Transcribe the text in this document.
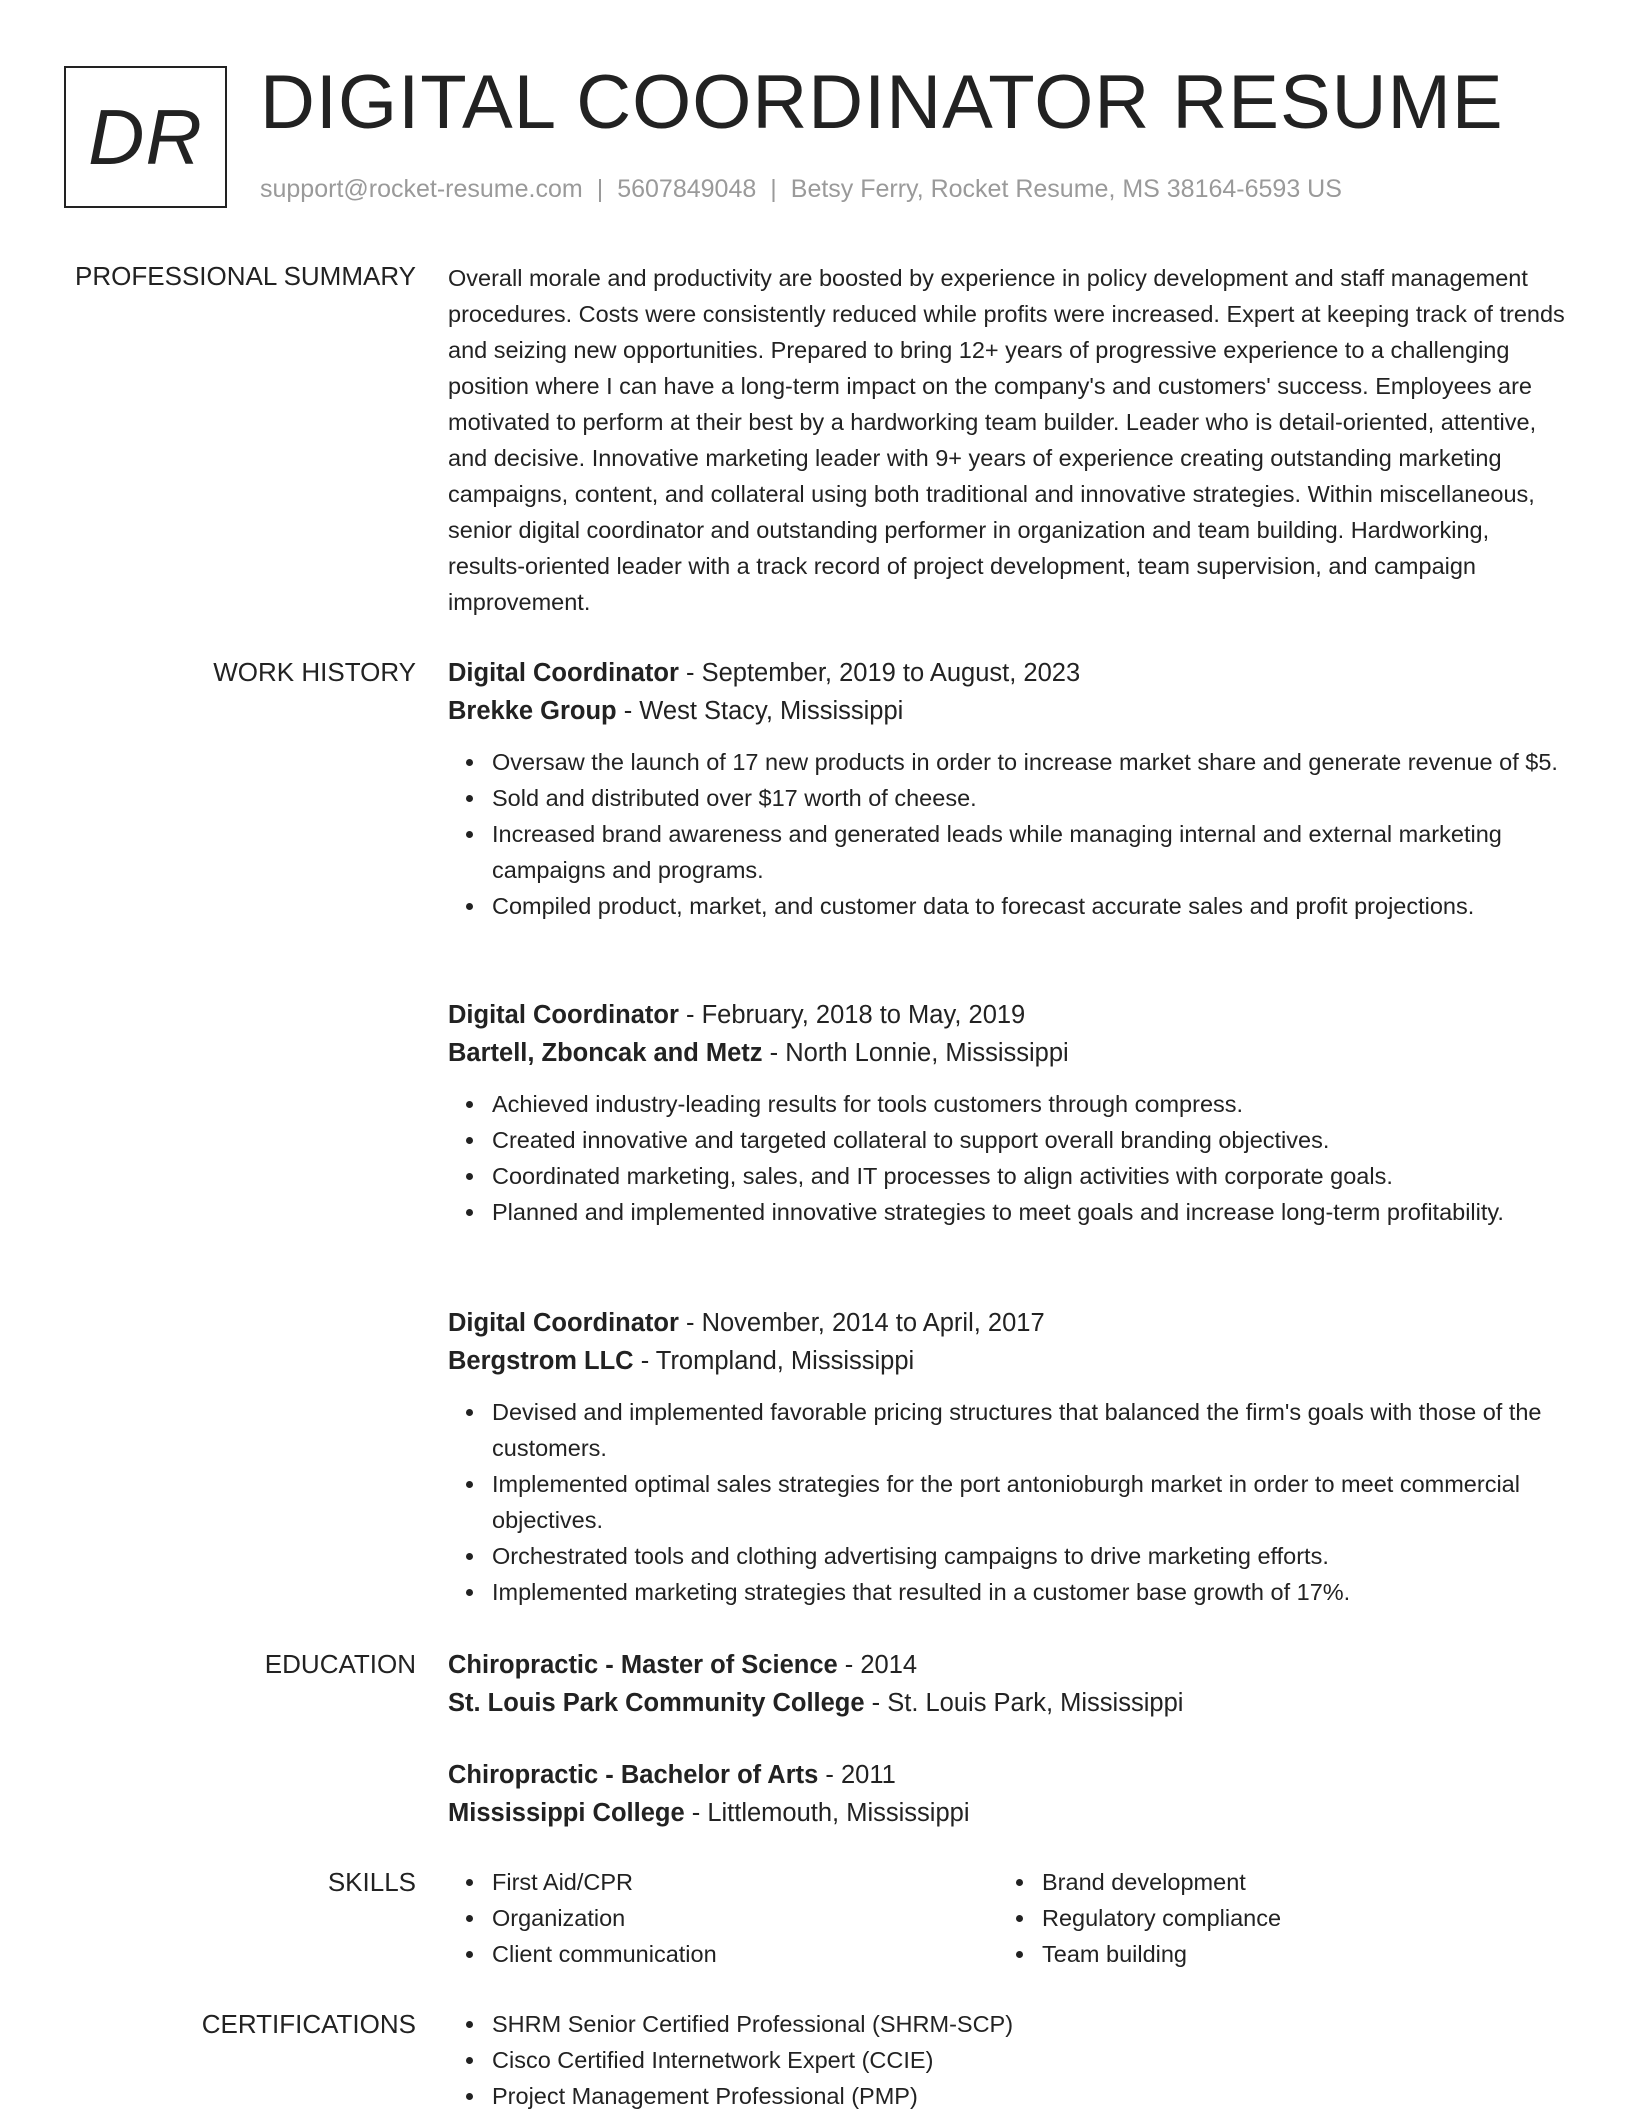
DR DIGITAL COORDINATOR RESUME
support@rocket-resume.com | 5607849048 | Betsy Ferry, Rocket Resume, MS 38164-6593 US
PROFESSIONAL SUMMARY Overall morale and productivity are boosted by experience in policy development and staff management procedures. Costs were consistently reduced while profits were increased. Expert at keeping track of trends and seizing new opportunities. Prepared to bring 12+ years of progressive experience to a challenging position where I can have a long-term impact on the company's and customers' success. Employees are motivated to perform at their best by a hardworking team builder. Leader who is detail-oriented, attentive, and decisive. Innovative marketing leader with 9+ years of experience creating outstanding marketing campaigns, content, and collateral using both traditional and innovative strategies. Within miscellaneous, senior digital coordinator and outstanding performer in organization and team building. Hardworking, results-oriented leader with a track record of project development, team supervision, and campaign improvement.

WORK HISTORY Digital Coordinator - September, 2019 to August, 2023

Brekke Group - West Stacy, Mississippi

Oversaw the launch of 17 new products in order to increase market share and generate revenue of $5.
Sold and distributed over $17 worth of cheese.
Increased brand awareness and generated leads while managing internal and external marketing campaigns and programs.
Compiled product, market, and customer data to forecast accurate sales and profit projections.

Digital Coordinator - February, 2018 to May, 2019

Bartell, Zboncak and Metz - North Lonnie, Mississippi

Achieved industry-leading results for tools customers through compress.
Created innovative and targeted collateral to support overall branding objectives.
Coordinated marketing, sales, and IT processes to align activities with corporate goals.
Planned and implemented innovative strategies to meet goals and increase long-term profitability.

Digital Coordinator - November, 2014 to April, 2017

Bergstrom LLC - Trompland, Mississippi

Devised and implemented favorable pricing structures that balanced the firm's goals with those of the customers.
Implemented optimal sales strategies for the port antonioburgh market in order to meet commercial objectives.
Orchestrated tools and clothing advertising campaigns to drive marketing efforts.
Implemented marketing strategies that resulted in a customer base growth of 17%.
EDUCATION Chiropractic - Master of Science - 2014

St. Louis Park Community College - St. Louis Park, Mississippi

Chiropractic - Bachelor of Arts - 2011

Mississippi College - Littlemouth, Mississippi

SKILLS	First Aid/CPR	Brand development
Organization	Regulatory compliance
Client communication	Team building
CERTIFICATIONS	SHRM Senior Certified Professional (SHRM-SCP)
Cisco Certified Internetwork Expert (CCIE)
Project Management Professional (PMP)
